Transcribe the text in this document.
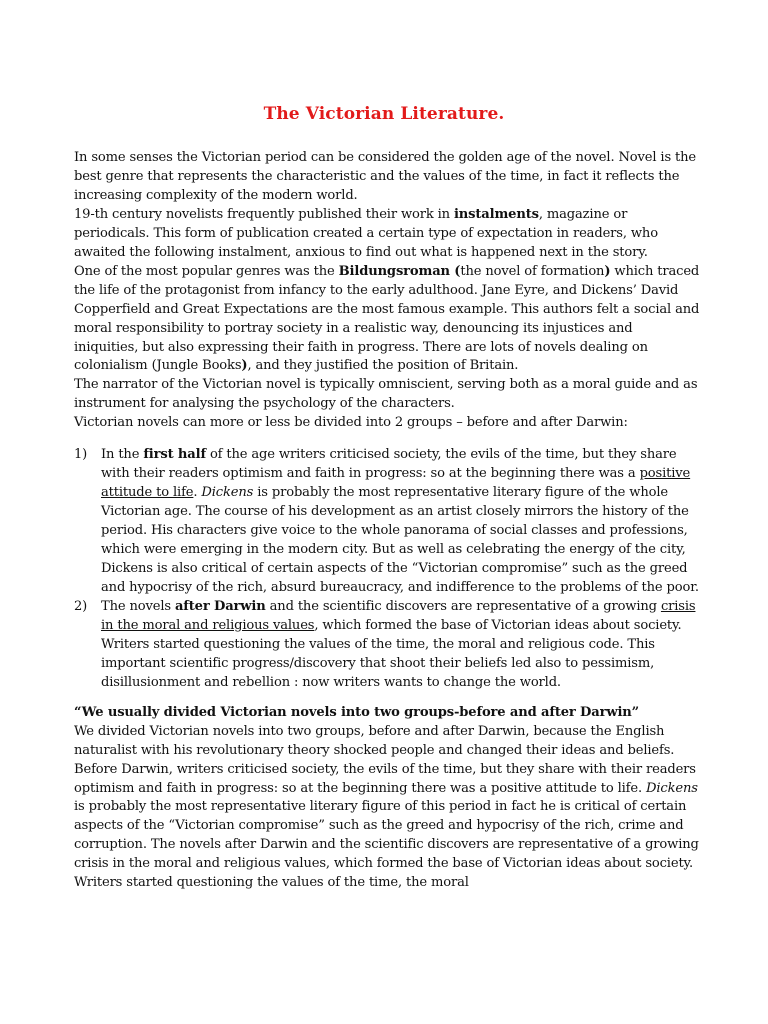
The Victorian Literature.

In some senses the Victorian period can be considered the golden age of the novel. Novel is the best genre that represents the characteristic and the values of the time, in fact it reflects the increasing complexity of the modern world.

19-th century novelists frequently published their work in instalments, magazine or periodicals. This form of publication created a certain type of expectation in readers, who awaited the following instalment, anxious to find out what is happened next in the story.

One of the most popular genres was the Bildungsroman (the novel of formation) which traced the life of the protagonist from infancy to the early adulthood. Jane Eyre, and Dickens’ David Copperfield and Great Expectations are the most famous example. This authors felt a social and moral responsibility to portray society in a realistic way, denouncing its injustices and iniquities, but also expressing their faith in progress. There are lots of novels dealing on colonialism (Jungle Books), and they justified the position of Britain.

The narrator of the Victorian novel is typically omniscient, serving both as a moral guide and as instrument for analysing the psychology of the characters.

Victorian novels can more or less be divided into 2 groups – before and after Darwin:

1) In the first half of the age writers criticised society, the evils of the time, but they share with their readers optimism and faith in progress: so at the beginning there was a positive attitude to life. Dickens is probably the most representative literary figure of the whole Victorian age. The course of his development as an artist closely mirrors the history of the period. His characters give voice to the whole panorama of social classes and professions, which were emerging in the modern city. But as well as celebrating the energy of the city, Dickens is also critical of certain aspects of the “Victorian compromise” such as the greed and hypocrisy of the rich, absurd bureaucracy, and indifference to the problems of the poor.
2) The novels after Darwin and the scientific discovers are representative of a growing crisis in the moral and religious values, which formed the base of Victorian ideas about society. Writers started questioning the values of the time, the moral and religious code. This important scientific progress/discovery that shoot their beliefs led also to pessimism, disillusionment and rebellion : now writers wants to change the world.

“We usually divided Victorian novels into two groups-before and after Darwin”

We divided Victorian novels into two groups, before and after Darwin, because the English naturalist with his revolutionary theory shocked people and changed their ideas and beliefs. Before Darwin, writers criticised society, the evils of the time, but they share with their readers optimism and faith in progress: so at the beginning there was a positive attitude to life. Dickens is probably the most representative literary figure of this period in fact he is critical of certain aspects of the “Victorian compromise” such as the greed and hypocrisy of the rich, crime and corruption. The novels after Darwin and the scientific discovers are representative of a growing crisis in the moral and religious values, which formed the base of Victorian ideas about society. Writers started questioning the values of the time, the moral
